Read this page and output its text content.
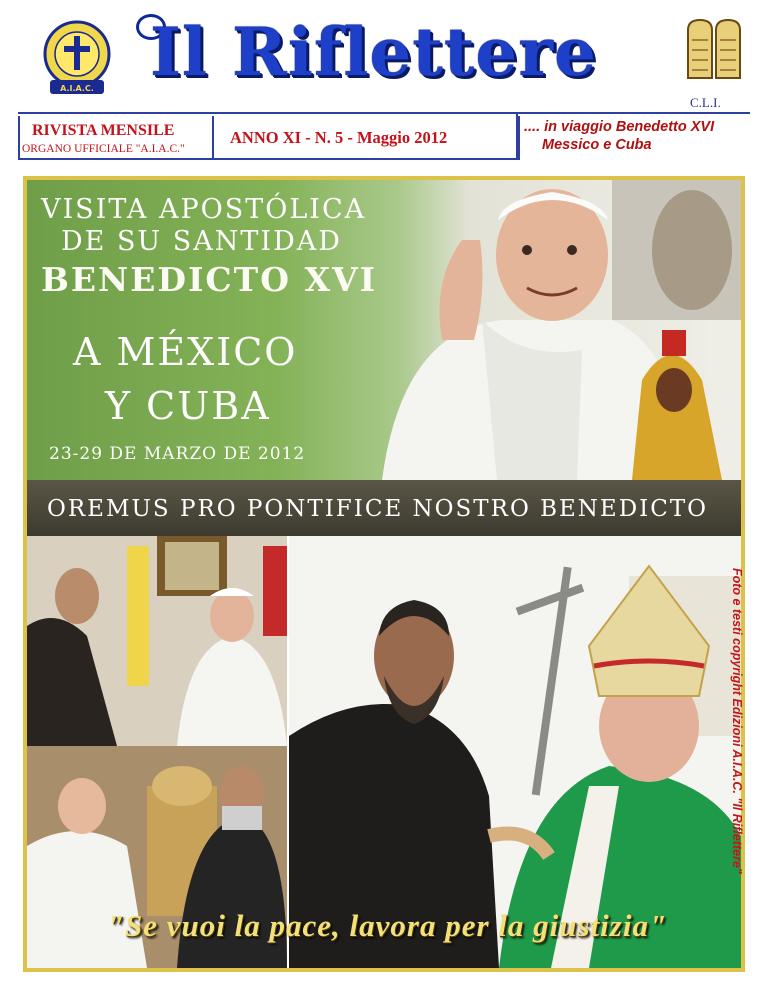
A.I.A.C. Il Riflettere
C.L.I.
RIVISTA MENSILE
ORGANO UFFICIALE "A.I.A.C."
ANNO XI - N. 5 - Maggio 2012
.... in viaggio Benedetto XVI
Messico e Cuba
VISITA APOSTÓLICA
DE SU SANTIDAD
BENEDICTO XVI
A MÉXICO
Y CUBA
23-29 DE MARZO DE 2012
OREMUS PRO PONTIFICE NOSTRO BENEDICTO
"Se vuoi la pace, lavora per la giustizia"
Foto e testi copyright Edizioni A.I.A.C. "Il Riflettere"
